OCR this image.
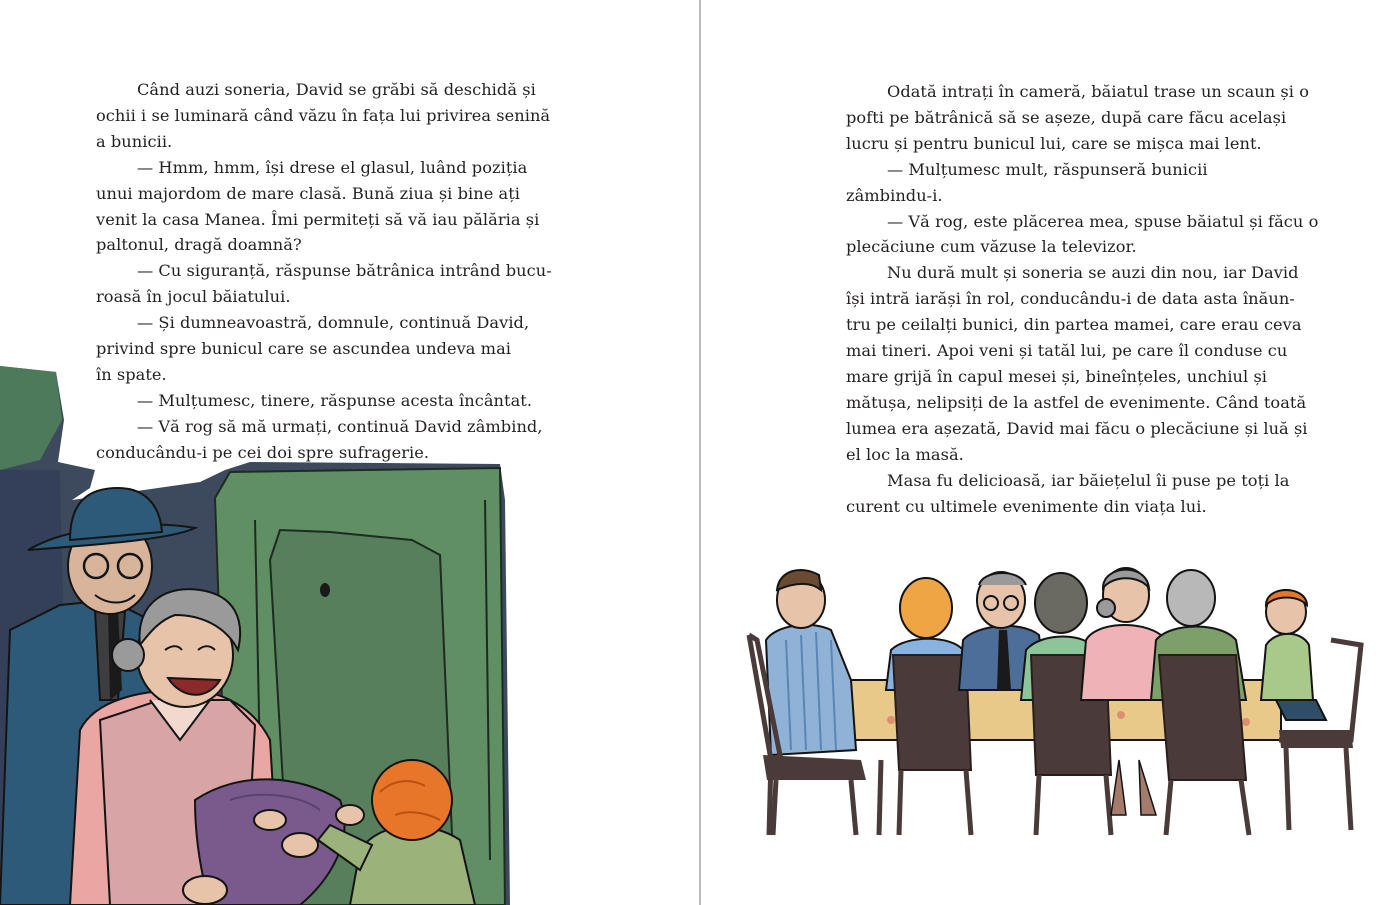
Când auzi soneria, David se grăbi să deschidă și
ochii i se luminară când văzu în fața lui privirea senină
a bunicii.
— Hmm, hmm, își drese el glasul, luând poziția
unui majordom de mare clasă. Bună ziua și bine ați
venit la casa Manea. Îmi permiteți să vă iau pălăria și
paltonul, dragă doamnă?
— Cu siguranță, răspunse bătrânica intrând bucu-
roasă în jocul băiatului.
— Și dumneavoastră, domnule, continuă David,
privind spre bunicul care se ascundea undeva mai
în spate.
— Mulțumesc, tinere, răspunse acesta încântat.
— Vă rog să mă urmați, continuă David zâmbind,
conducându-i pe cei doi spre sufragerie.
Odată intrați în cameră, băiatul trase un scaun și o
pofti pe bătrânică să se așeze, după care făcu același
lucru și pentru bunicul lui, care se mișca mai lent.
— Mulțumesc mult, răspunseră bunicii
zâmbindu-i.
— Vă rog, este plăcerea mea, spuse băiatul și făcu o
plecăciune cum văzuse la televizor.
Nu dură mult și soneria se auzi din nou, iar David
își intră iarăși în rol, conducându-i de data asta înăun-
tru pe ceilalți bunici, din partea mamei, care erau ceva
mai tineri. Apoi veni și tatăl lui, pe care îl conduse cu
mare grijă în capul mesei și, bineînțeles, unchiul și
mătușa, nelipsiți de la astfel de evenimente. Când toată
lumea era așezată, David mai făcu o plecăciune și luă și
el loc la masă.
Masa fu delicioasă, iar băiețelul îi puse pe toți la
curent cu ultimele evenimente din viața lui.
